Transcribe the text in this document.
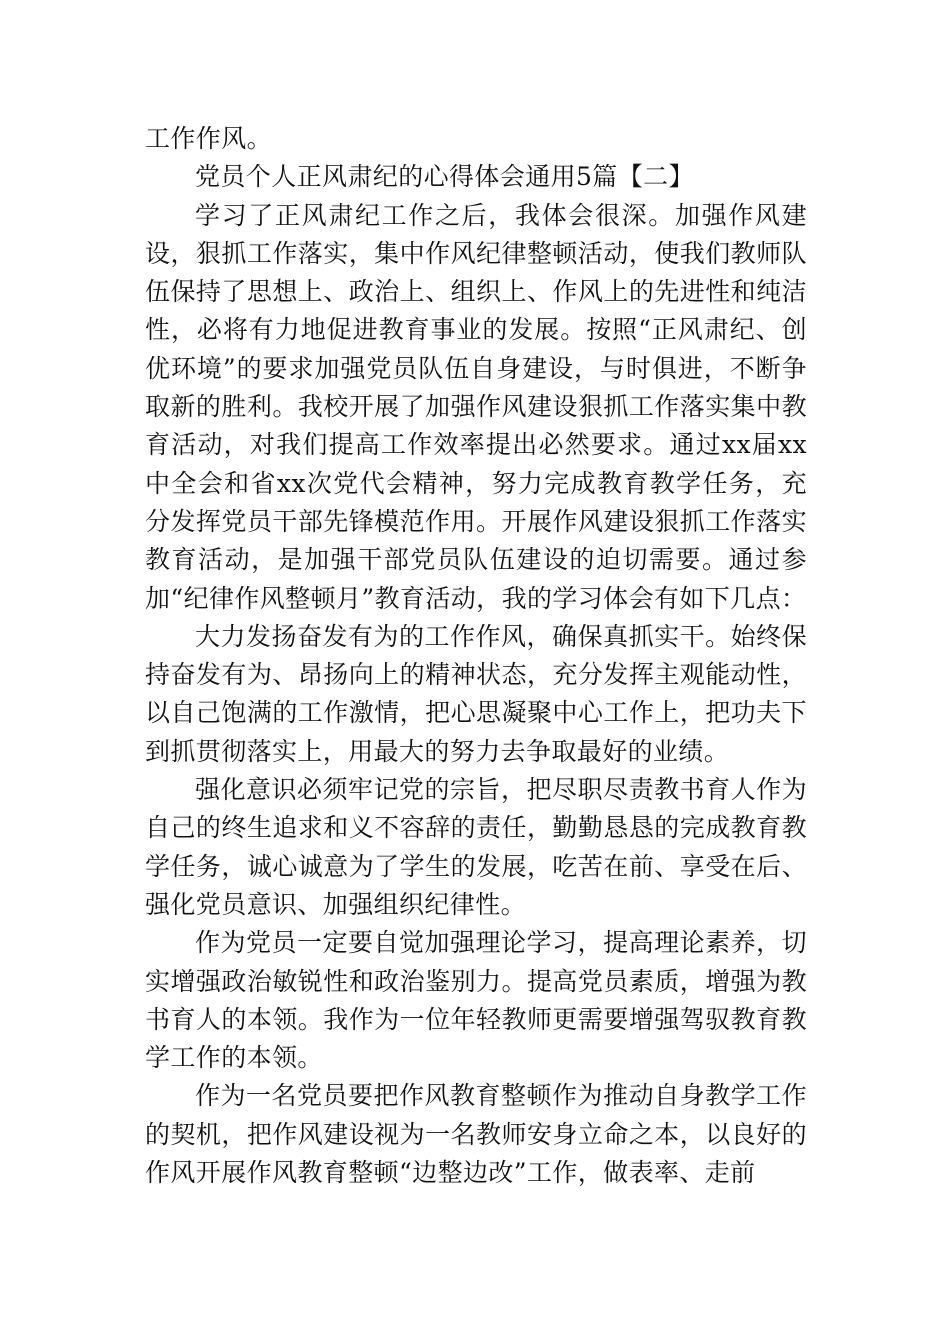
工作作风。

党员个人正风肃纪的心得体会通用5篇【二】

学习了正风肃纪工作之后，我体会很深。加强作风建设，狠抓工作落实，集中作风纪律整顿活动，使我们教师队伍保持了思想上、政治上、组织上、作风上的先进性和纯洁性，必将有力地促进教育事业的发展。按照“正风肃纪、创优环境”的要求加强党员队伍自身建设，与时俱进，不断争取新的胜利。我校开展了加强作风建设狠抓工作落实集中教育活动，对我们提高工作效率提出必然要求。通过xx届xx中全会和省xx次党代会精神，努力完成教育教学任务，充分发挥党员干部先锋模范作用。开展作风建设狠抓工作落实教育活动，是加强干部党员队伍建设的迫切需要。通过参加“纪律作风整顿月”教育活动，我的学习体会有如下几点：

大力发扬奋发有为的工作作风，确保真抓实干。始终保持奋发有为、昂扬向上的精神状态，充分发挥主观能动性，以自己饱满的工作激情，把心思凝聚中心工作上，把功夫下到抓贯彻落实上，用最大的努力去争取最好的业绩。

强化意识必须牢记党的宗旨，把尽职尽责教书育人作为自己的终生追求和义不容辞的责任，勤勤恳恳的完成教育教学任务，诚心诚意为了学生的发展，吃苦在前、享受在后、强化党员意识、加强组织纪律性。

作为党员一定要自觉加强理论学习，提高理论素养，切实增强政治敏锐性和政治鉴别力。提高党员素质，增强为教书育人的本领。我作为一位年轻教师更需要增强驾驭教育教学工作的本领。

作为一名党员要把作风教育整顿作为推动自身教学工作的契机，把作风建设视为一名教师安身立命之本，以良好的作风开展作风教育整顿“边整边改”工作，做表率、走前
